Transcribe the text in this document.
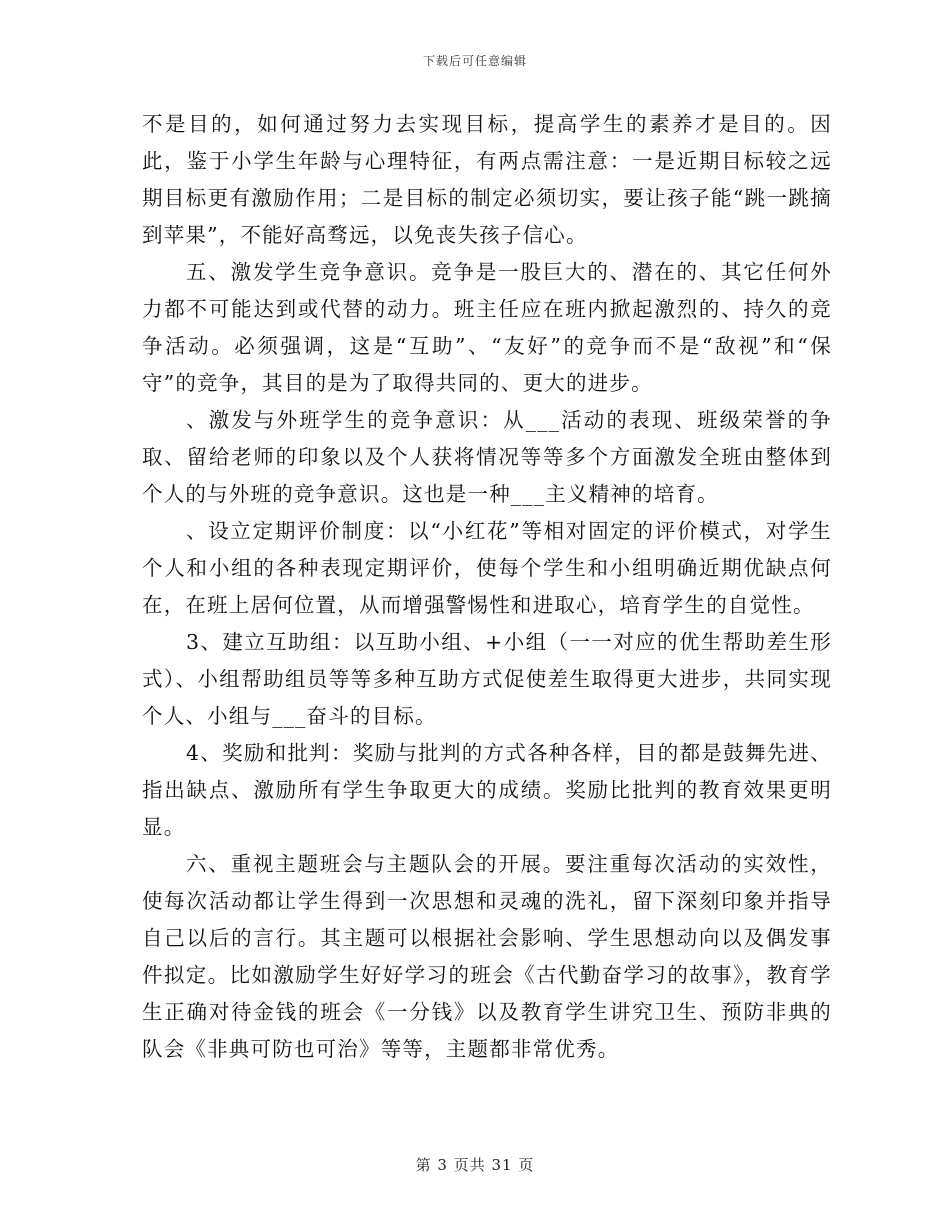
下载后可任意编辑

不是目的，如何通过努力去实现目标，提高学生的素养才是目的。因此，鉴于小学生年龄与心理特征，有两点需注意：一是近期目标较之远期目标更有激励作用；二是目标的制定必须切实，要让孩子能“跳一跳摘到苹果”，不能好高骛远，以免丧失孩子信心。

五、激发学生竞争意识。竞争是一股巨大的、潜在的、其它任何外力都不可能达到或代替的动力。班主任应在班内掀起激烈的、持久的竞争活动。必须强调，这是“互助”、“友好”的竞争而不是“敌视”和“保守”的竞争，其目的是为了取得共同的、更大的进步。

、激发与外班学生的竞争意识：从___活动的表现、班级荣誉的争取、留给老师的印象以及个人获将情况等等多个方面激发全班由整体到个人的与外班的竞争意识。这也是一种___主义精神的培育。

、设立定期评价制度：以“小红花”等相对固定的评价模式，对学生个人和小组的各种表现定期评价，使每个学生和小组明确近期优缺点何在，在班上居何位置，从而增强警惕性和进取心，培育学生的自觉性。

3、建立互助组：以互助小组、+小组（一一对应的优生帮助差生形式）、小组帮助组员等等多种互助方式促使差生取得更大进步，共同实现个人、小组与___奋斗的目标。

4、奖励和批判：奖励与批判的方式各种各样，目的都是鼓舞先进、指出缺点、激励所有学生争取更大的成绩。奖励比批判的教育效果更明显。

六、重视主题班会与主题队会的开展。要注重每次活动的实效性，使每次活动都让学生得到一次思想和灵魂的洗礼，留下深刻印象并指导自己以后的言行。其主题可以根据社会影响、学生思想动向以及偶发事件拟定。比如激励学生好好学习的班会《古代勤奋学习的故事》，教育学生正确对待金钱的班会《一分钱》以及教育学生讲究卫生、预防非典的队会《非典可防也可治》等等，主题都非常优秀。

第 3 页共 31 页
